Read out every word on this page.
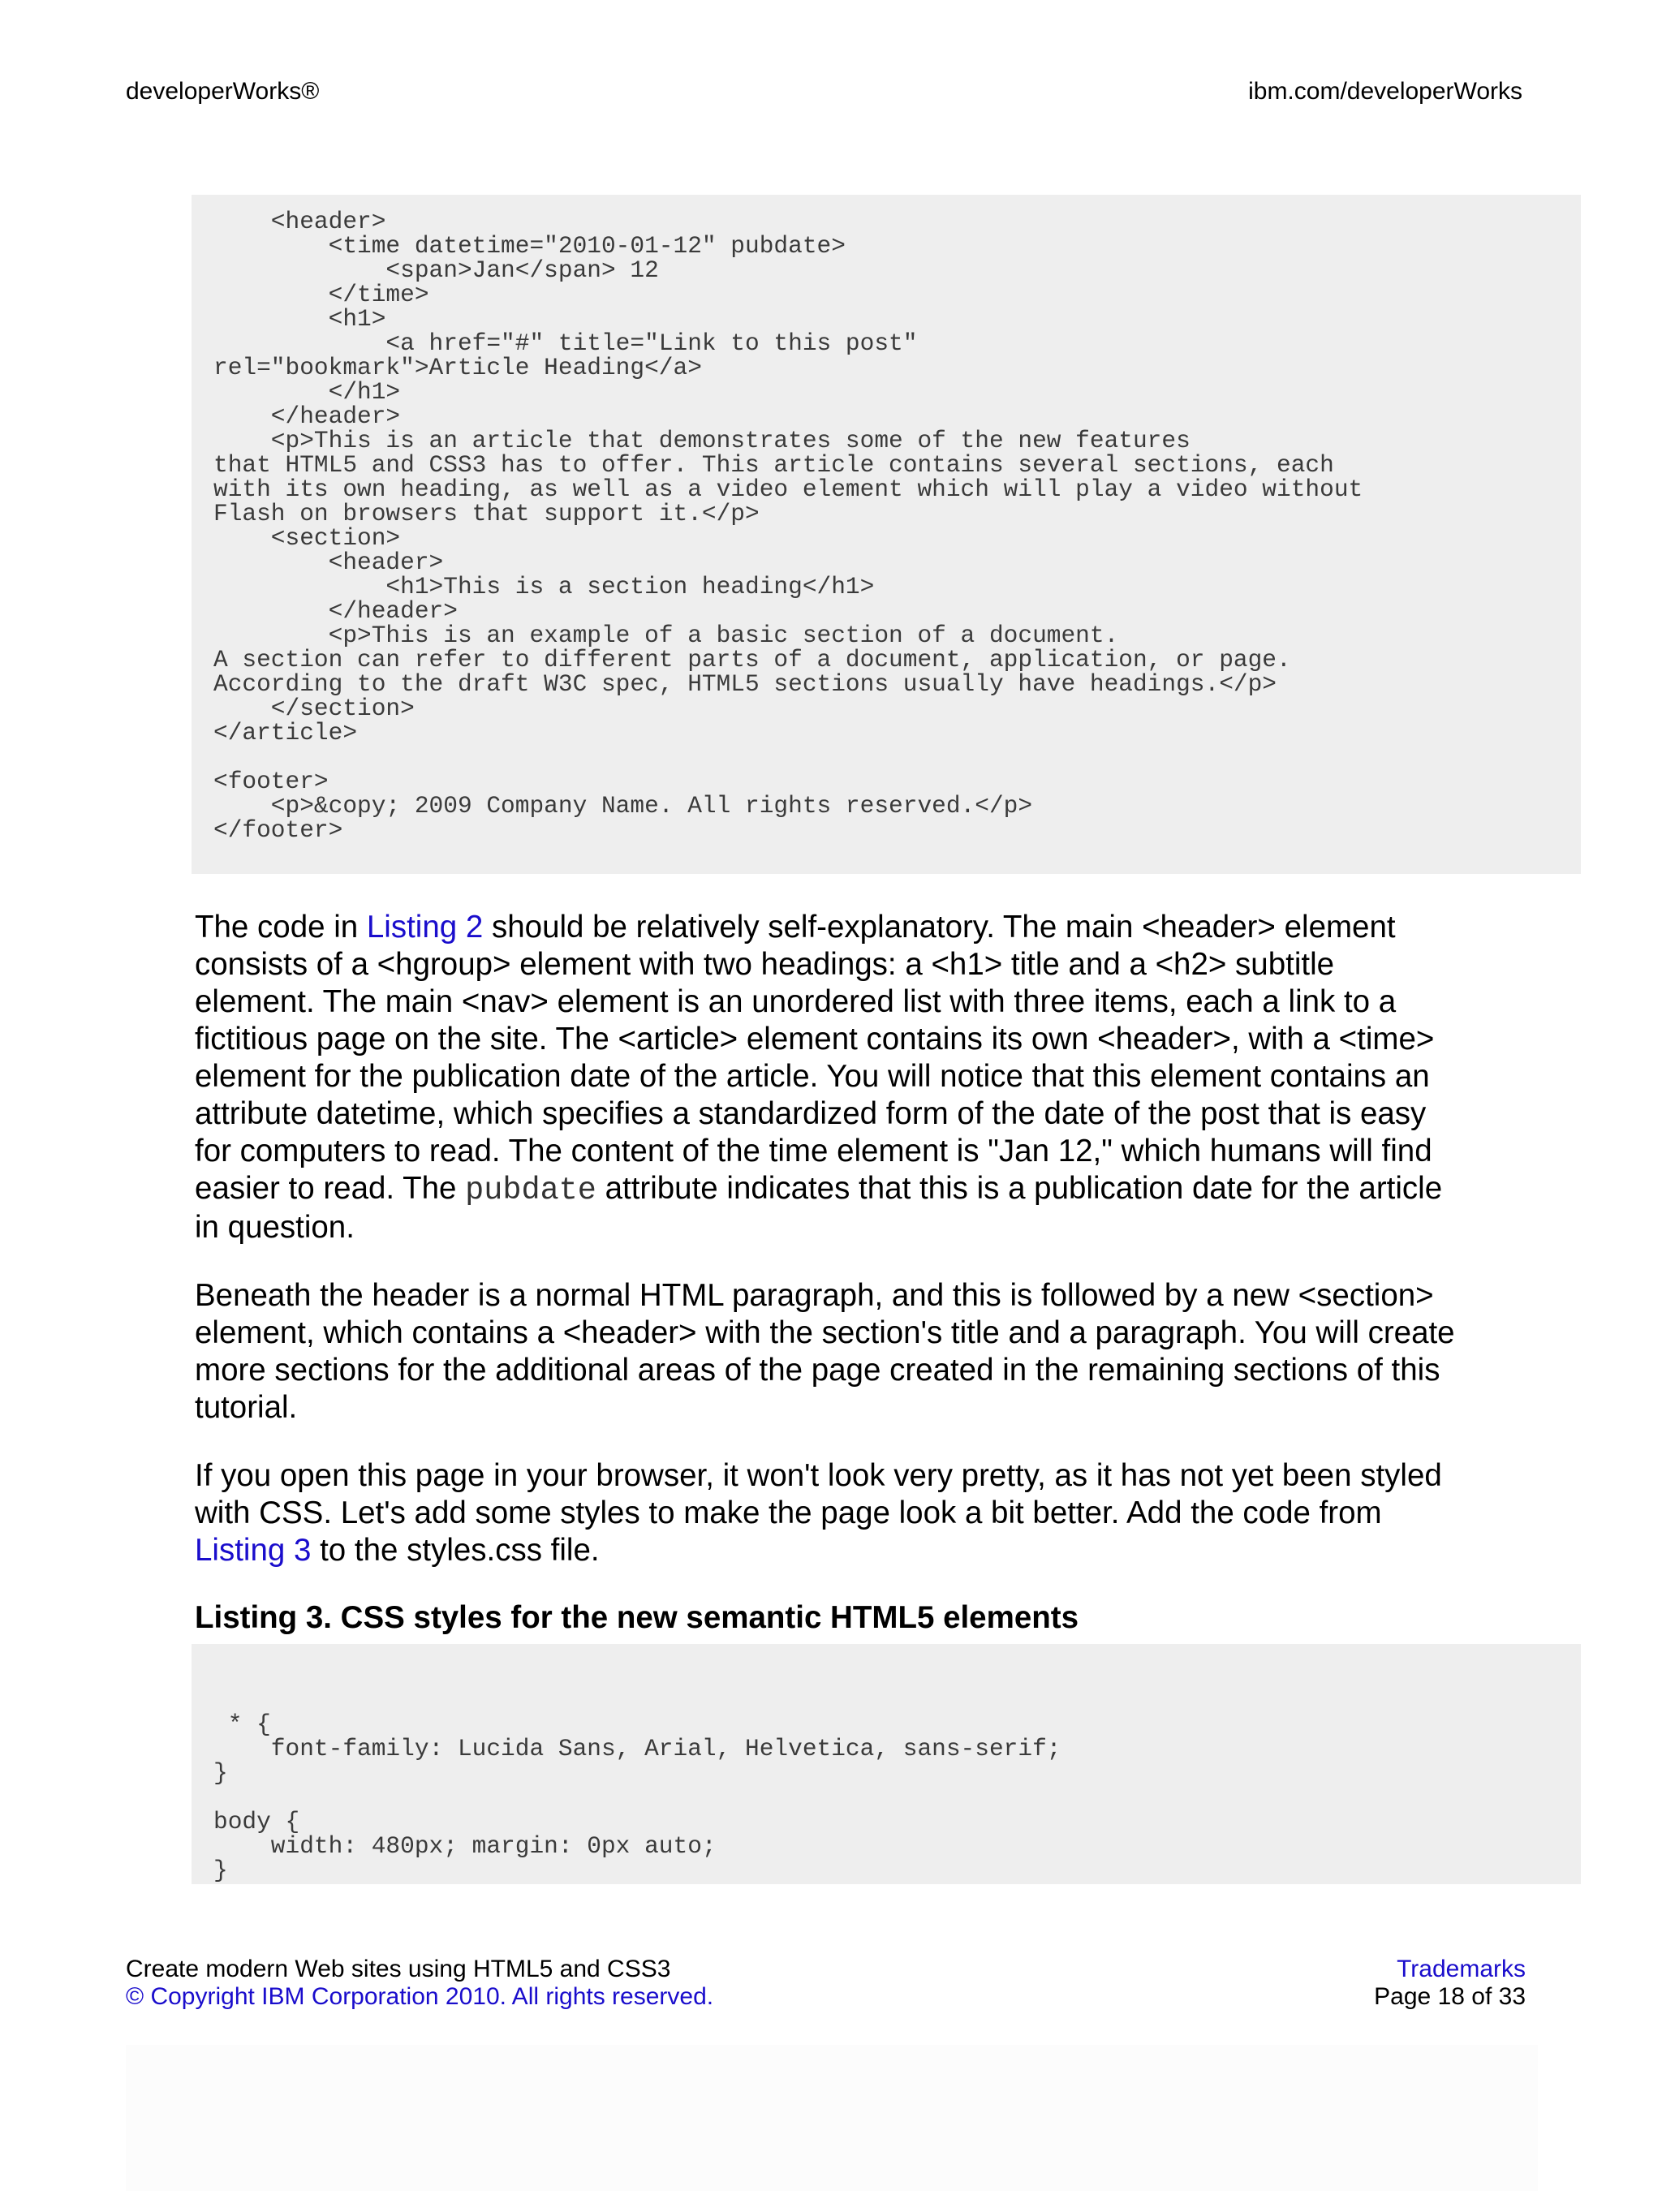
developerWorks®	ibm.com/developerWorks
<header>
<time datetime="2010-01-12" pubdate>
<span>Jan</span> 12
</time>
<h1>
<a href="#" title="Link to this post"
rel="bookmark">Article Heading</a>
</h1>
</header>
<p>This is an article that demonstrates some of the new features
that HTML5 and CSS3 has to offer. This article contains several sections, each
with its own heading, as well as a video element which will play a video without
Flash on browsers that support it.</p>
<section>
<header>
<h1>This is a section heading</h1>
</header>
<p>This is an example of a basic section of a document.
A section can refer to different parts of a document, application, or page.
According to the draft W3C spec, HTML5 sections usually have headings.</p>
</section>
</article>

<footer>
<p>&copy; 2009 Company Name. All rights reserved.</p>
</footer>

The code in Listing 2 should be relatively self-explanatory. The main <header> element consists of a <hgroup> element with two headings: a <h1> title and a <h2> subtitle element. The main <nav> element is an unordered list with three items, each a link to a fictitious page on the site. The <article> element contains its own <header>, with a <time> element for the publication date of the article. You will notice that this element contains an attribute datetime, which specifies a standardized form of the date of the post that is easy for computers to read. The content of the time element is "Jan 12," which humans will find easier to read. The pubdate attribute indicates that this is a publication date for the article in question.

Beneath the header is a normal HTML paragraph, and this is followed by a new <section> element, which contains a <header> with the section's title and a paragraph. You will create more sections for the additional areas of the page created in the remaining sections of this tutorial.

If you open this page in your browser, it won't look very pretty, as it has not yet been styled with CSS. Let's add some styles to make the page look a bit better. Add the code from Listing 3 to the styles.css file.

Listing 3. CSS styles for the new semantic HTML5 elements
* {
font-family: Lucida Sans, Arial, Helvetica, sans-serif;
}

body {
width: 480px; margin: 0px auto;
}
Create modern Web sites using HTML5 and CSS3
© Copyright IBM Corporation 2010. All rights reserved.
Trademarks
Page 18 of 33
